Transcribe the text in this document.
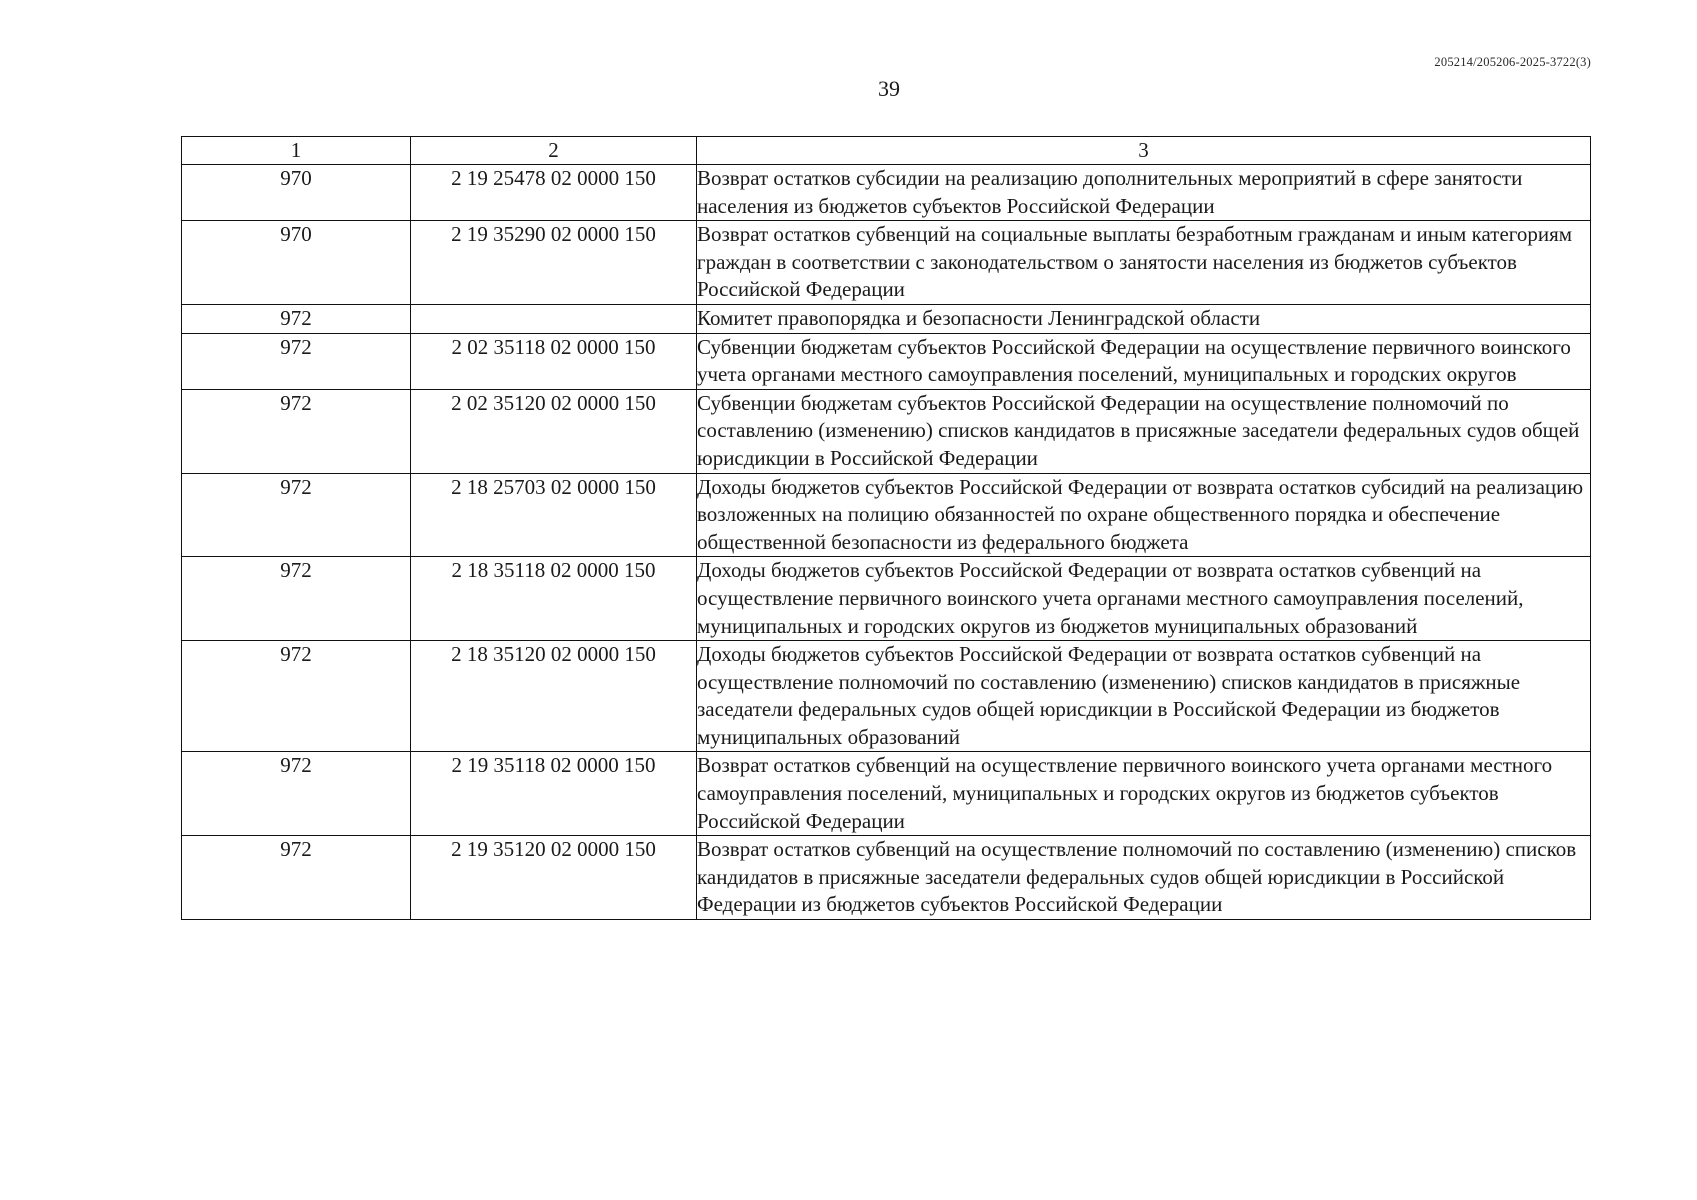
205214/205206-2025-3722(3)
39
1	2	3
970	2 19 25478 02 0000 150	Возврат остатков субсидии на реализацию дополнительных мероприятий в сфере занятости населения из бюджетов субъектов Российской Федерации
970	2 19 35290 02 0000 150	Возврат остатков субвенций на социальные выплаты безработным гражданам и иным категориям граждан в соответствии с законодательством о занятости населения из бюджетов субъектов Российской Федерации
972		Комитет правопорядка и безопасности Ленинградской области
972	2 02 35118 02 0000 150	Субвенции бюджетам субъектов Российской Федерации на осуществление первичного воинского учета органами местного самоуправления поселений, муниципальных и городских округов
972	2 02 35120 02 0000 150	Субвенции бюджетам субъектов Российской Федерации на осуществление полномочий по составлению (изменению) списков кандидатов в присяжные заседатели федеральных судов общей юрисдикции в Российской Федерации
972	2 18 25703 02 0000 150	Доходы бюджетов субъектов Российской Федерации от возврата остатков субсидий на реализацию возложенных на полицию обязанностей по охране общественного порядка и обеспечение общественной безопасности из федерального бюджета
972	2 18 35118 02 0000 150	Доходы бюджетов субъектов Российской Федерации от возврата остатков субвенций на осуществление первичного воинского учета органами местного самоуправления поселений, муниципальных и городских округов из бюджетов муниципальных образований
972	2 18 35120 02 0000 150	Доходы бюджетов субъектов Российской Федерации от возврата остатков субвенций на осуществление полномочий по составлению (изменению) списков кандидатов в присяжные заседатели федеральных судов общей юрисдикции в Российской Федерации из бюджетов муниципальных образований
972	2 19 35118 02 0000 150	Возврат остатков субвенций на осуществление первичного воинского учета органами местного самоуправления поселений, муниципальных и городских округов из бюджетов субъектов Российской Федерации
972	2 19 35120 02 0000 150	Возврат остатков субвенций на осуществление полномочий по составлению (изменению) списков кандидатов в присяжные заседатели федеральных судов общей юрисдикции в Российской Федерации из бюджетов субъектов Российской Федерации
